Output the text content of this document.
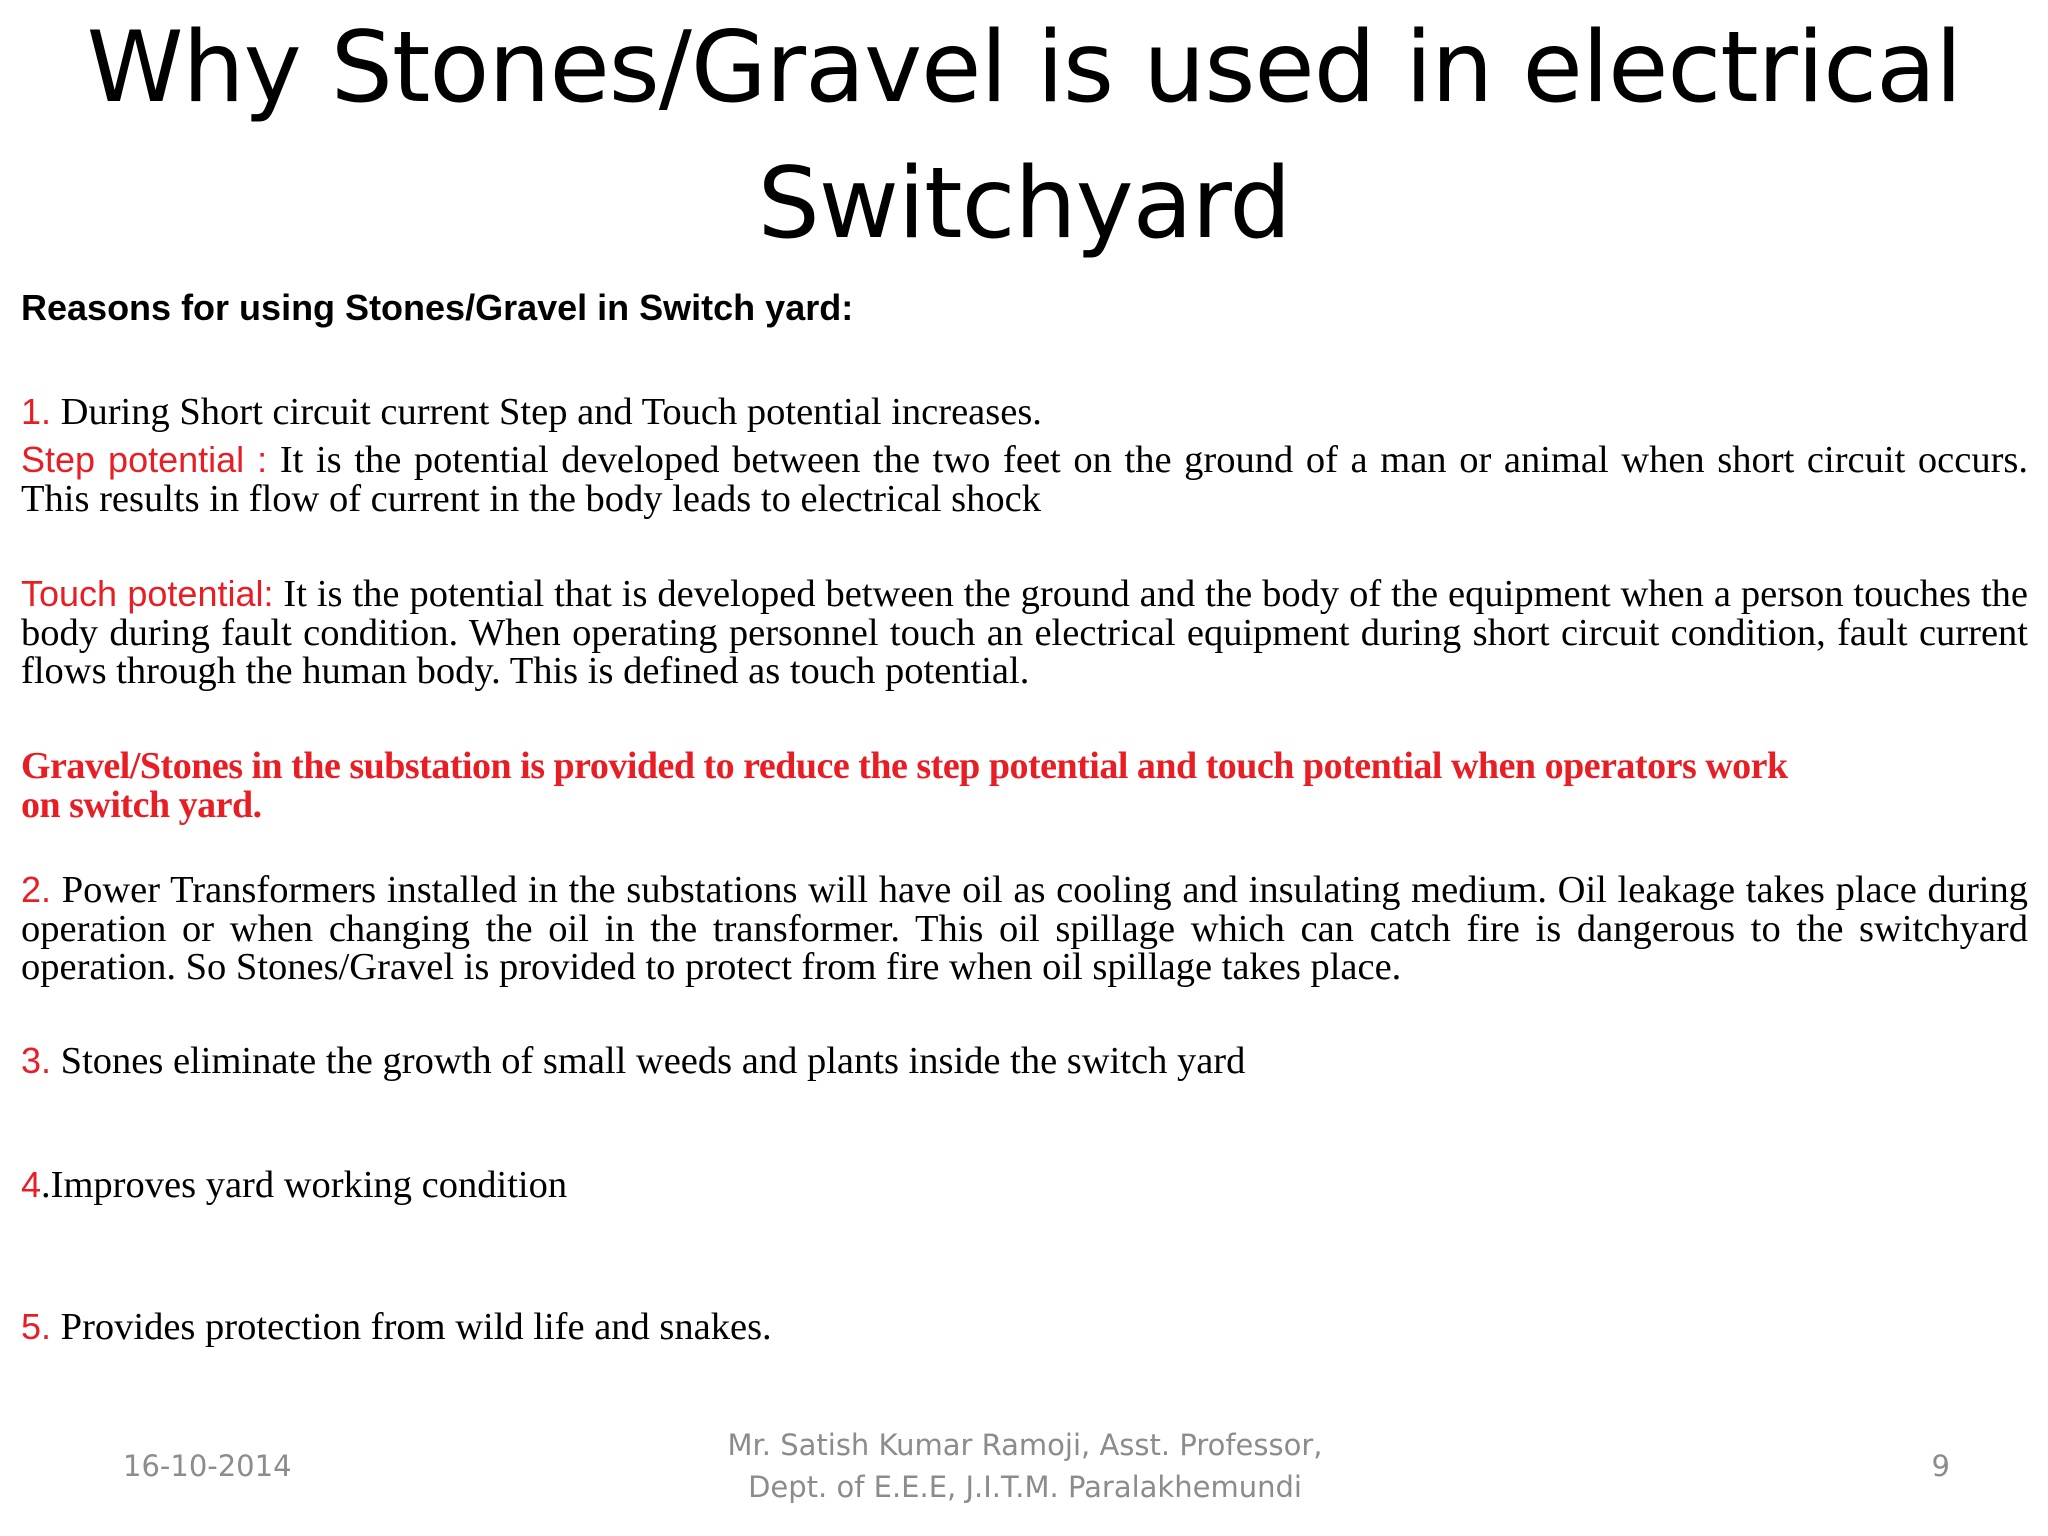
Why Stones/Gravel is used in electrical
Switchyard

Reasons for using Stones/Gravel in Switch yard:

1. During Short circuit current Step and Touch potential increases.

Step potential : It is the potential developed between the two feet on the ground of a man or animal when short circuit occurs. This results in flow of current in the body leads to electrical shock

Touch potential: It is the potential that is developed between the ground and the body of the equipment when a person touches the body during fault condition. When operating personnel touch an electrical equipment during short circuit condition, fault current flows through the human body. This is defined as touch potential.

Gravel/Stones in the substation is provided to reduce the step potential and touch potential when operators work
on switch yard.

2. Power Transformers installed in the substations will have oil as cooling and insulating medium. Oil leakage takes place during operation or when changing the oil in the transformer. This oil spillage which can catch fire is dangerous to the switchyard operation. So Stones/Gravel is provided to protect from fire when oil spillage takes place.

3. Stones eliminate the growth of small weeds and plants inside the switch yard

4.Improves yard working condition

5. Provides protection from wild life and snakes.

16-10-2014
Mr. Satish Kumar Ramoji, Asst. Professor,
Dept. of E.E.E, J.I.T.M. Paralakhemundi
9
